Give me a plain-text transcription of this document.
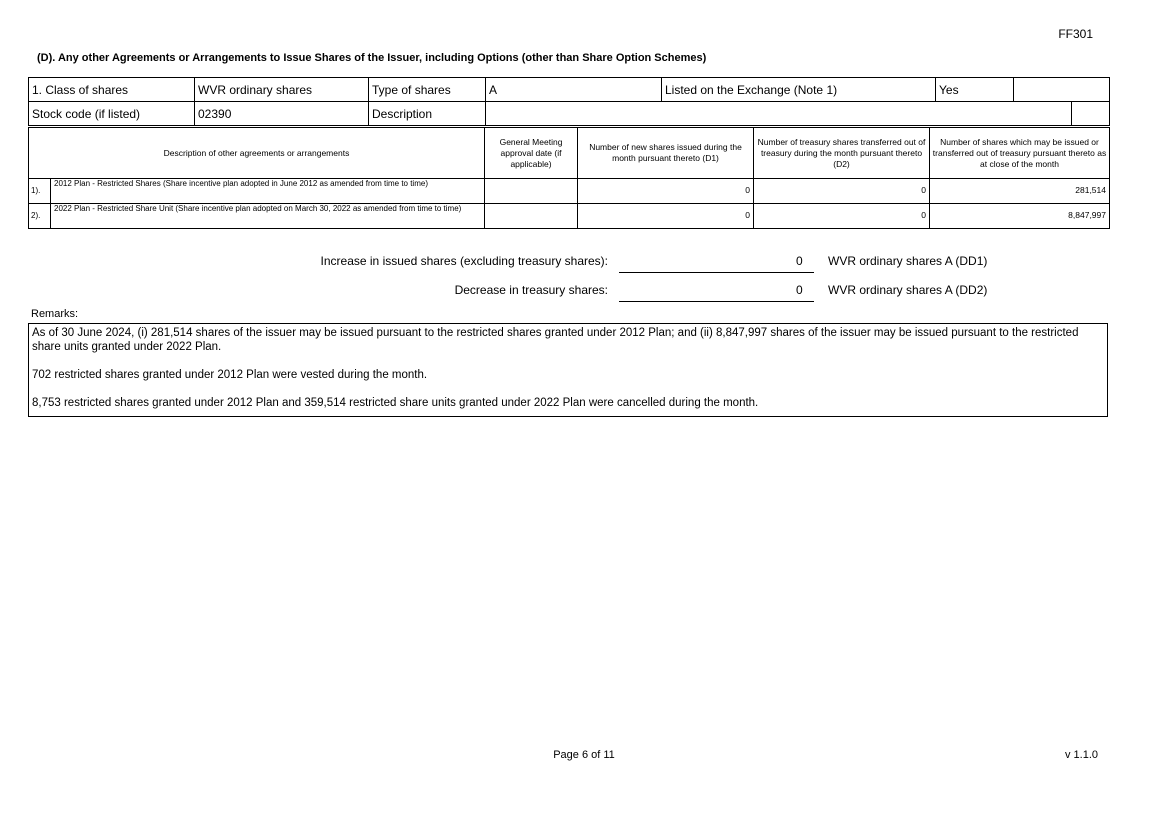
FF301
(D). Any other Agreements or Arrangements to Issue Shares of the Issuer, including Options (other than Share Option Schemes)
1. Class of shares	WVR ordinary shares	Type of shares	A	Listed on the Exchange (Note 1)	Yes		
Stock code (if listed)	02390	Description					
Description of other agreements or arrangements		General Meeting approval date (if applicable)	Number of new shares issued during the month pursuant thereto (D1)	Number of treasury shares transferred out of treasury during the month pursuant thereto (D2)	Number of shares which may be issued or transferred out of treasury pursuant thereto as at close of the month
1).	2012 Plan - Restricted Shares (Share incentive plan adopted in June 2012 as amended from time to time)		0	0	281,514
2).	2022 Plan - Restricted Share Unit (Share incentive plan adopted on March 30, 2022 as amended from time to time)		0	0	8,847,997
Increase in issued shares (excluding treasury shares):	0 WVR ordinary shares A (DD1)
Decrease in treasury shares:	0 WVR ordinary shares A (DD2)
Remarks:

As of 30 June 2024, (i) 281,514 shares of the issuer may be issued pursuant to the restricted shares granted under 2012 Plan; and (ii) 8,847,997 shares of the issuer may be issued pursuant to the restricted share units granted under 2022 Plan.

702 restricted shares granted under 2012 Plan were vested during the month.

8,753 restricted shares granted under 2012 Plan and 359,514 restricted share units granted under 2022 Plan were cancelled during the month.

Page 6 of 11	v 1.1.0
